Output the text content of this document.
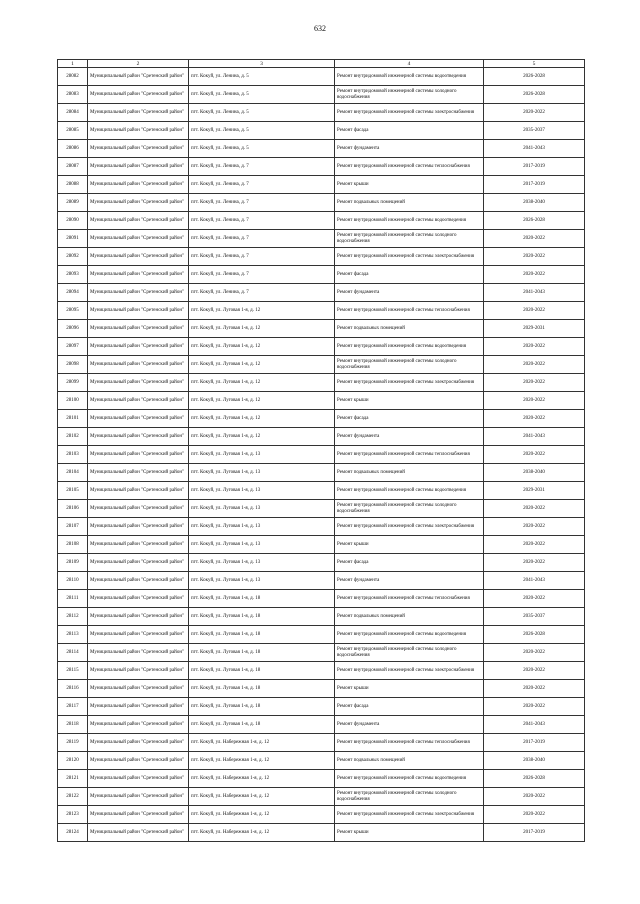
632
1	2	3	4	5
28082	Муниципальный район "Сретенский район"	пгт. Кокуй, ул. Ленина, д. 5	Ремонт внутридомовой инженерной системы водоотведения	2026-2028
28083	Муниципальный район "Сретенский район"	пгт. Кокуй, ул. Ленина, д. 5	Ремонт внутридомовой инженерной системы холодного водоснабжения	2026-2028
28084	Муниципальный район "Сретенский район"	пгт. Кокуй, ул. Ленина, д. 5	Ремонт внутридомовой инженерной системы электроснабжения	2020-2022
28085	Муниципальный район "Сретенский район"	пгт. Кокуй, ул. Ленина, д. 5	Ремонт фасада	2035-2037
28086	Муниципальный район "Сретенский район"	пгт. Кокуй, ул. Ленина, д. 5	Ремонт фундамента	2041-2043
28087	Муниципальный район "Сретенский район"	пгт. Кокуй, ул. Ленина, д. 7	Ремонт внутридомовой инженерной системы теплоснабжения	2017-2019
28088	Муниципальный район "Сретенский район"	пгт. Кокуй, ул. Ленина, д. 7	Ремонт крыши	2017-2019
28089	Муниципальный район "Сретенский район"	пгт. Кокуй, ул. Ленина, д. 7	Ремонт подвальных помещений	2038-2040
28090	Муниципальный район "Сретенский район"	пгт. Кокуй, ул. Ленина, д. 7	Ремонт внутридомовой инженерной системы водоотведения	2026-2028
28091	Муниципальный район "Сретенский район"	пгт. Кокуй, ул. Ленина, д. 7	Ремонт внутридомовой инженерной системы холодного водоснабжения	2020-2022
28092	Муниципальный район "Сретенский район"	пгт. Кокуй, ул. Ленина, д. 7	Ремонт внутридомовой инженерной системы электроснабжения	2020-2022
28093	Муниципальный район "Сретенский район"	пгт. Кокуй, ул. Ленина, д. 7	Ремонт фасада	2020-2022
28094	Муниципальный район "Сретенский район"	пгт. Кокуй, ул. Ленина, д. 7	Ремонт фундамента	2041-2043
28095	Муниципальный район "Сретенский район"	пгт. Кокуй, ул. Луговая 1-я, д. 12	Ремонт внутридомовой инженерной системы теплоснабжения	2020-2022
28096	Муниципальный район "Сретенский район"	пгт. Кокуй, ул. Луговая 1-я, д. 12	Ремонт подвальных помещений	2029-2031
28097	Муниципальный район "Сретенский район"	пгт. Кокуй, ул. Луговая 1-я, д. 12	Ремонт внутридомовой инженерной системы водоотведения	2020-2022
28098	Муниципальный район "Сретенский район"	пгт. Кокуй, ул. Луговая 1-я, д. 12	Ремонт внутридомовой инженерной системы холодного водоснабжения	2020-2022
28099	Муниципальный район "Сретенский район"	пгт. Кокуй, ул. Луговая 1-я, д. 12	Ремонт внутридомовой инженерной системы электроснабжения	2020-2022
28100	Муниципальный район "Сретенский район"	пгт. Кокуй, ул. Луговая 1-я, д. 12	Ремонт крыши	2020-2022
28101	Муниципальный район "Сретенский район"	пгт. Кокуй, ул. Луговая 1-я, д. 12	Ремонт фасада	2020-2022
28102	Муниципальный район "Сретенский район"	пгт. Кокуй, ул. Луговая 1-я, д. 12	Ремонт фундамента	2041-2043
28103	Муниципальный район "Сретенский район"	пгт. Кокуй, ул. Луговая 1-я, д. 13	Ремонт внутридомовой инженерной системы теплоснабжения	2020-2022
28104	Муниципальный район "Сретенский район"	пгт. Кокуй, ул. Луговая 1-я, д. 13	Ремонт подвальных помещений	2038-2040
28105	Муниципальный район "Сретенский район"	пгт. Кокуй, ул. Луговая 1-я, д. 13	Ремонт внутридомовой инженерной системы водоотведения	2029-2031
28106	Муниципальный район "Сретенский район"	пгт. Кокуй, ул. Луговая 1-я, д. 13	Ремонт внутридомовой инженерной системы холодного водоснабжения	2020-2022
28107	Муниципальный район "Сретенский район"	пгт. Кокуй, ул. Луговая 1-я, д. 13	Ремонт внутридомовой инженерной системы электроснабжения	2020-2022
28108	Муниципальный район "Сретенский район"	пгт. Кокуй, ул. Луговая 1-я, д. 13	Ремонт крыши	2020-2022
28109	Муниципальный район "Сретенский район"	пгт. Кокуй, ул. Луговая 1-я, д. 13	Ремонт фасада	2020-2022
28110	Муниципальный район "Сретенский район"	пгт. Кокуй, ул. Луговая 1-я, д. 13	Ремонт фундамента	2041-2043
28111	Муниципальный район "Сретенский район"	пгт. Кокуй, ул. Луговая 1-я, д. 18	Ремонт внутридомовой инженерной системы теплоснабжения	2020-2022
28112	Муниципальный район "Сретенский район"	пгт. Кокуй, ул. Луговая 1-я, д. 18	Ремонт подвальных помещений	2035-2037
28113	Муниципальный район "Сретенский район"	пгт. Кокуй, ул. Луговая 1-я, д. 18	Ремонт внутридомовой инженерной системы водоотведения	2026-2028
28114	Муниципальный район "Сретенский район"	пгт. Кокуй, ул. Луговая 1-я, д. 18	Ремонт внутридомовой инженерной системы холодного водоснабжения	2020-2022
28115	Муниципальный район "Сретенский район"	пгт. Кокуй, ул. Луговая 1-я, д. 18	Ремонт внутридомовой инженерной системы электроснабжения	2020-2022
28116	Муниципальный район "Сретенский район"	пгт. Кокуй, ул. Луговая 1-я, д. 18	Ремонт крыши	2020-2022
28117	Муниципальный район "Сретенский район"	пгт. Кокуй, ул. Луговая 1-я, д. 18	Ремонт фасада	2020-2022
28118	Муниципальный район "Сретенский район"	пгт. Кокуй, ул. Луговая 1-я, д. 18	Ремонт фундамента	2041-2043
28119	Муниципальный район "Сретенский район"	пгт. Кокуй, ул. Набережная 1-я, д. 12	Ремонт внутридомовой инженерной системы теплоснабжения	2017-2019
28120	Муниципальный район "Сретенский район"	пгт. Кокуй, ул. Набережная 1-я, д. 12	Ремонт подвальных помещений	2038-2040
28121	Муниципальный район "Сретенский район"	пгт. Кокуй, ул. Набережная 1-я, д. 12	Ремонт внутридомовой инженерной системы водоотведения	2026-2028
28122	Муниципальный район "Сретенский район"	пгт. Кокуй, ул. Набережная 1-я, д. 12	Ремонт внутридомовой инженерной системы холодного водоснабжения	2020-2022
28123	Муниципальный район "Сретенский район"	пгт. Кокуй, ул. Набережная 1-я, д. 12	Ремонт внутридомовой инженерной системы электроснабжения	2020-2022
28124	Муниципальный район "Сретенский район"	пгт. Кокуй, ул. Набережная 1-я, д. 12	Ремонт крыши	2017-2019
